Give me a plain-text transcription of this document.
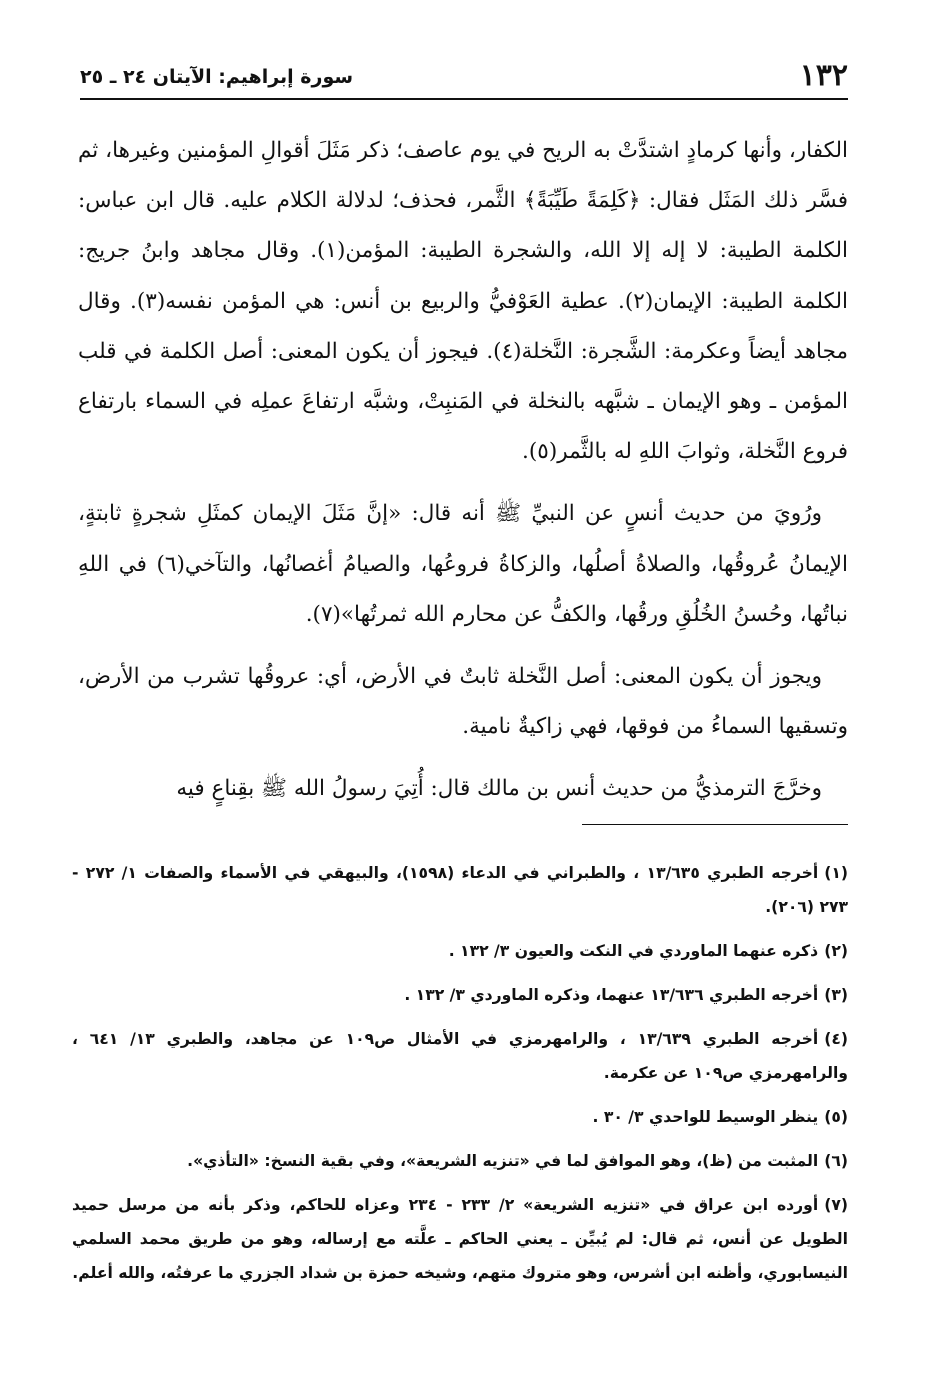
١٣٢
سورة إبراهيم: الآيتان ٢٤ ـ ٢٥

الكفار، وأنها كرمادٍ اشتدَّتْ به الريح في يوم عاصف؛ ذكر مَثَلَ أقوالِ المؤمنين وغيرها، ثم فسَّر ذلك المَثَل فقال: ﴿كَلِمَةً طَيِّبَةً﴾ الثَّمر، فحذف؛ لدلالة الكلام عليه. قال ابن عباس: الكلمة الطيبة: لا إله إلا الله، والشجرة الطيبة: المؤمن(١). وقال مجاهد وابنُ جريج: الكلمة الطيبة: الإيمان(٢). عطية العَوْفيُّ والربيع بن أنس: هي المؤمن نفسه(٣). وقال مجاهد أيضاً وعكرمة: الشَّجرة: النَّخلة(٤). فيجوز أن يكون المعنى: أصل الكلمة في قلب المؤمن ـ وهو الإيمان ـ شبَّهه بالنخلة في المَنبِتْ، وشبَّه ارتفاعَ عملِه في السماء بارتفاع فروع النَّخلة، وثوابَ اللهِ له بالثَّمر(٥).

ورُويَ من حديث أنسٍ عن النبيِّ ﷺ أنه قال: «إنَّ مَثَلَ الإيمان كمثَلِ شجرةٍ ثابتةٍ، الإيمانُ عُروقُها، والصلاةُ أصلُها، والزكاةُ فروعُها، والصيامُ أغصانُها، والتآخي(٦) في اللهِ نباتُها، وحُسنُ الخُلُقِ ورقُها، والكفُّ عن محارم الله ثمرتُها»(٧).

ويجوز أن يكون المعنى: أصل النَّخلة ثابتٌ في الأرض، أي: عروقُها تشرب من الأرض، وتسقيها السماءُ من فوقها، فهي زاكيةٌ نامية.

وخرَّجَ الترمذيُّ من حديث أنس بن مالك قال: أُتِيَ رسولُ الله ﷺ بقِناعٍ فيه

(١)أخرجه الطبري ١٣/٦٣٥ ، والطبراني في الدعاء (١٥٩٨)، والبيهقي في الأسماء والصفات ١/ ٢٧٢ - ٢٧٣ (٢٠٦).

(٢)ذكره عنهما الماوردي في النكت والعيون ٣/ ١٣٢ .

(٣)أخرجه الطبري ١٣/٦٣٦ عنهما، وذكره الماوردي ٣/ ١٣٢ .

(٤)أخرجه الطبري ١٣/٦٣٩ ، والرامهرمزي في الأمثال ص١٠٩ عن مجاهد، والطبري ١٣/ ٦٤١ ، والرامهرمزي ص١٠٩ عن عكرمة.

(٥)ينظر الوسيط للواحدي ٣/ ٣٠ .

(٦)المثبت من (ظ)، وهو الموافق لما في «تنزيه الشريعة»، وفي بقية النسخ: «التأذي».

(٧)أورده ابن عراق في «تنزيه الشريعة» ٢/ ٢٣٣ - ٢٣٤ وعزاه للحاكم، وذكر بأنه من مرسل حميد الطويل عن أنس، ثم قال: لم يُبيِّن ـ يعني الحاكم ـ علَّته مع إرساله، وهو من طريق محمد السلمي النيسابوري، وأظنه ابن أشرس، وهو متروك متهم، وشيخه حمزة بن شداد الجزري ما عرفتُه، والله أعلم.
